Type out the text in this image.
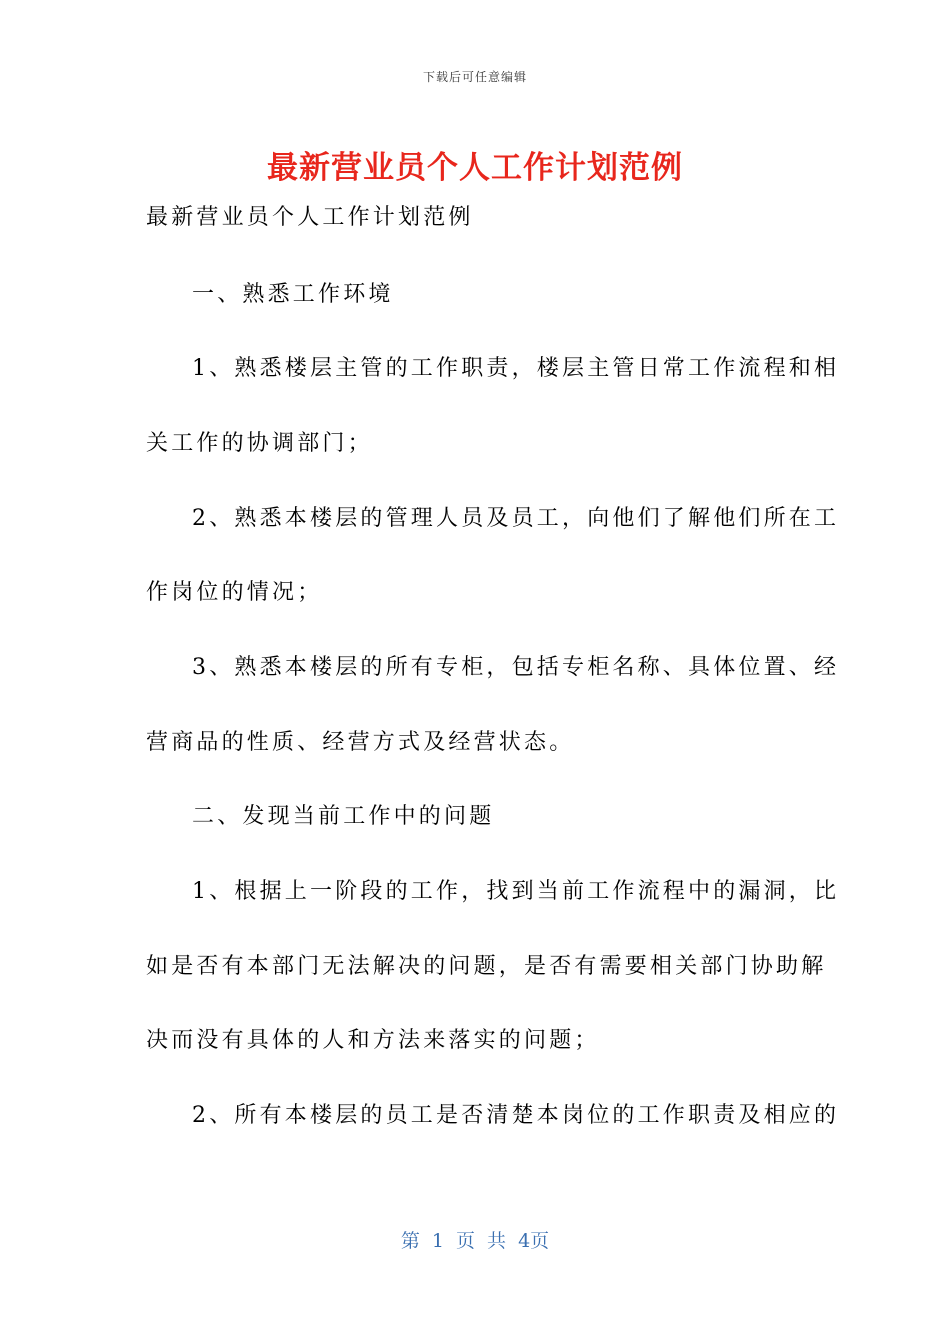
下载后可任意编辑
最新营业员个人工作计划范例
最新营业员个人工作计划范例
一、熟悉工作环境
1、熟悉楼层主管的工作职责，楼层主管日常工作流程和相
关工作的协调部门；
2、熟悉本楼层的管理人员及员工，向他们了解他们所在工
作岗位的情况；
3、熟悉本楼层的所有专柜，包括专柜名称、具体位置、经
营商品的性质、经营方式及经营状态。
二、发现当前工作中的问题
1、根据上一阶段的工作，找到当前工作流程中的漏洞，比
如是否有本部门无法解决的问题，是否有需要相关部门协助解
决而没有具体的人和方法来落实的问题；
2、所有本楼层的员工是否清楚本岗位的工作职责及相应的
第 1 页 共 4页
